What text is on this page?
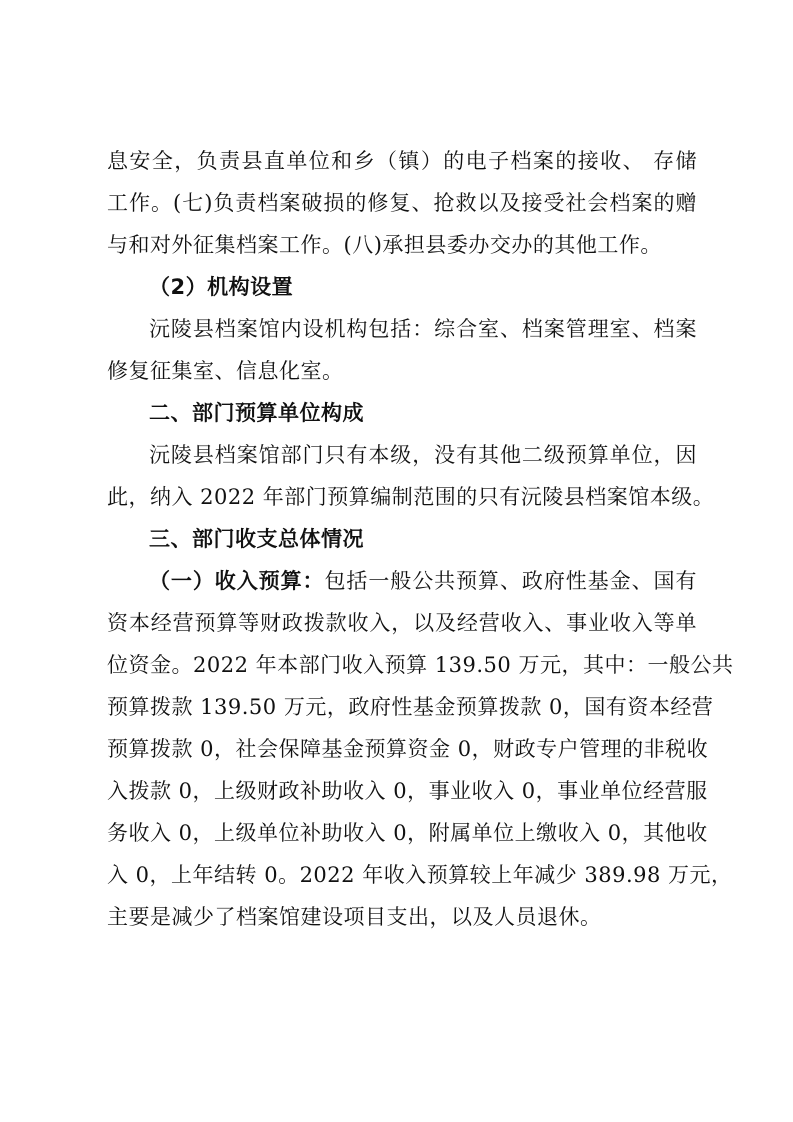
息安全，负责县直单位和乡（镇）的电子档案的接收、 存储
工作。(七)负责档案破损的修复、抢救以及接受社会档案的赠
与和对外征集档案工作。(八)承担县委办交办的其他工作。
（2）机构设置
沅陵县档案馆内设机构包括：综合室、档案管理室、档案
修复征集室、信息化室。
二、部门预算单位构成
沅陵县档案馆部门只有本级，没有其他二级预算单位，因
此，纳入 2022 年部门预算编制范围的只有沅陵县档案馆本级。
三、部门收支总体情况
（一）收入预算：包括一般公共预算、政府性基金、国有
资本经营预算等财政拨款收入，以及经营收入、事业收入等单
位资金。2022 年本部门收入预算 139.50 万元，其中：一般公共
预算拨款 139.50 万元，政府性基金预算拨款 0，国有资本经营
预算拨款 0，社会保障基金预算资金 0，财政专户管理的非税收
入拨款 0，上级财政补助收入 0，事业收入 0，事业单位经营服
务收入 0，上级单位补助收入 0，附属单位上缴收入 0，其他收
入 0，上年结转 0。2022 年收入预算较上年减少 389.98 万元，
主要是减少了档案馆建设项目支出，以及人员退休。
